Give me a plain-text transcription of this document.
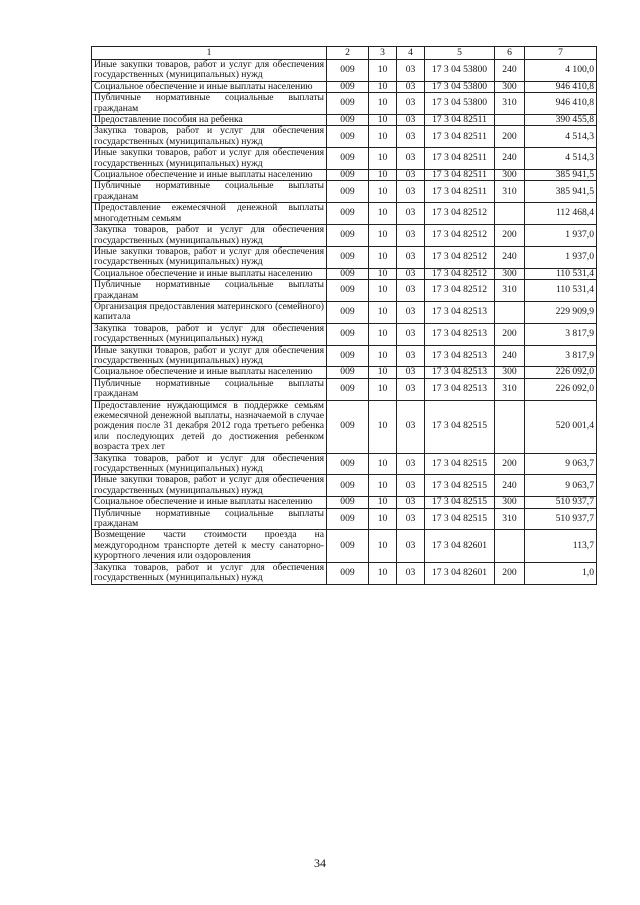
1	2	3	4	5	6	7
Иные закупки товаров, работ и услуг для обеспечения государственных (муниципальных) нужд	009	10	03	17 3 04 53800	240	4 100,0
Социальное обеспечение и иные выплаты населению	009	10	03	17 3 04 53800	300	946 410,8
Публичные нормативные социальные выплаты гражданам	009	10	03	17 3 04 53800	310	946 410,8
Предоставление пособия на ребенка	009	10	03	17 3 04 82511		390 455,8
Закупка товаров, работ и услуг для обеспечения государственных (муниципальных) нужд	009	10	03	17 3 04 82511	200	4 514,3
Иные закупки товаров, работ и услуг для обеспечения государственных (муниципальных) нужд	009	10	03	17 3 04 82511	240	4 514,3
Социальное обеспечение и иные выплаты населению	009	10	03	17 3 04 82511	300	385 941,5
Публичные нормативные социальные выплаты гражданам	009	10	03	17 3 04 82511	310	385 941,5
Предоставление ежемесячной денежной выплаты многодетным семьям	009	10	03	17 3 04 82512		112 468,4
Закупка товаров, работ и услуг для обеспечения государственных (муниципальных) нужд	009	10	03	17 3 04 82512	200	1 937,0
Иные закупки товаров, работ и услуг для обеспечения государственных (муниципальных) нужд	009	10	03	17 3 04 82512	240	1 937,0
Социальное обеспечение и иные выплаты населению	009	10	03	17 3 04 82512	300	110 531,4
Публичные нормативные социальные выплаты гражданам	009	10	03	17 3 04 82512	310	110 531,4
Организация предоставления материнского (семейного) капитала	009	10	03	17 3 04 82513		229 909,9
Закупка товаров, работ и услуг для обеспечения государственных (муниципальных) нужд	009	10	03	17 3 04 82513	200	3 817,9
Иные закупки товаров, работ и услуг для обеспечения государственных (муниципальных) нужд	009	10	03	17 3 04 82513	240	3 817,9
Социальное обеспечение и иные выплаты населению	009	10	03	17 3 04 82513	300	226 092,0
Публичные нормативные социальные выплаты гражданам	009	10	03	17 3 04 82513	310	226 092,0
Предоставление нуждающимся в поддержке семьям ежемесячной денежной выплаты, назначаемой в случае рождения после 31 декабря 2012 года третьего ребенка или последующих детей до достижения ребенком возраста трех лет	009	10	03	17 3 04 82515		520 001,4
Закупка товаров, работ и услуг для обеспечения государственных (муниципальных) нужд	009	10	03	17 3 04 82515	200	9 063,7
Иные закупки товаров, работ и услуг для обеспечения государственных (муниципальных) нужд	009	10	03	17 3 04 82515	240	9 063,7
Социальное обеспечение и иные выплаты населению	009	10	03	17 3 04 82515	300	510 937,7
Публичные нормативные социальные выплаты гражданам	009	10	03	17 3 04 82515	310	510 937,7
Возмещение части стоимости проезда на междугородном транспорте детей к месту санаторно-курортного лечения или оздоровления	009	10	03	17 3 04 82601		113,7
Закупка товаров, работ и услуг для обеспечения государственных (муниципальных) нужд	009	10	03	17 3 04 82601	200	1,0
34
